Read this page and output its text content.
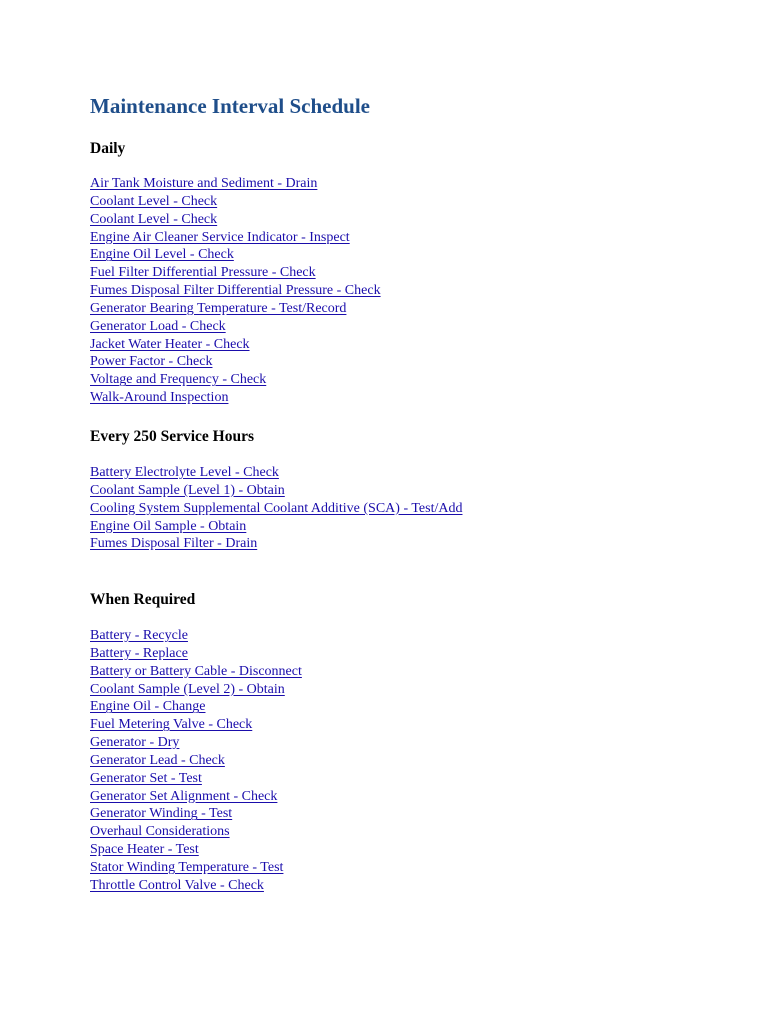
Maintenance Interval Schedule
Daily
Air Tank Moisture and Sediment - Drain
Coolant Level - Check
Coolant Level - Check
Engine Air Cleaner Service Indicator - Inspect
Engine Oil Level - Check
Fuel Filter Differential Pressure - Check
Fumes Disposal Filter Differential Pressure - Check
Generator Bearing Temperature - Test/Record
Generator Load - Check
Jacket Water Heater - Check
Power Factor - Check
Voltage and Frequency - Check
Walk-Around Inspection
Every 250 Service Hours
Battery Electrolyte Level - Check
Coolant Sample (Level 1) - Obtain
Cooling System Supplemental Coolant Additive (SCA) - Test/Add
Engine Oil Sample - Obtain
Fumes Disposal Filter - Drain
When Required
Battery - Recycle
Battery - Replace
Battery or Battery Cable - Disconnect
Coolant Sample (Level 2) - Obtain
Engine Oil - Change
Fuel Metering Valve - Check
Generator - Dry
Generator Lead - Check
Generator Set - Test
Generator Set Alignment - Check
Generator Winding - Test
Overhaul Considerations
Space Heater - Test
Stator Winding Temperature - Test
Throttle Control Valve - Check
